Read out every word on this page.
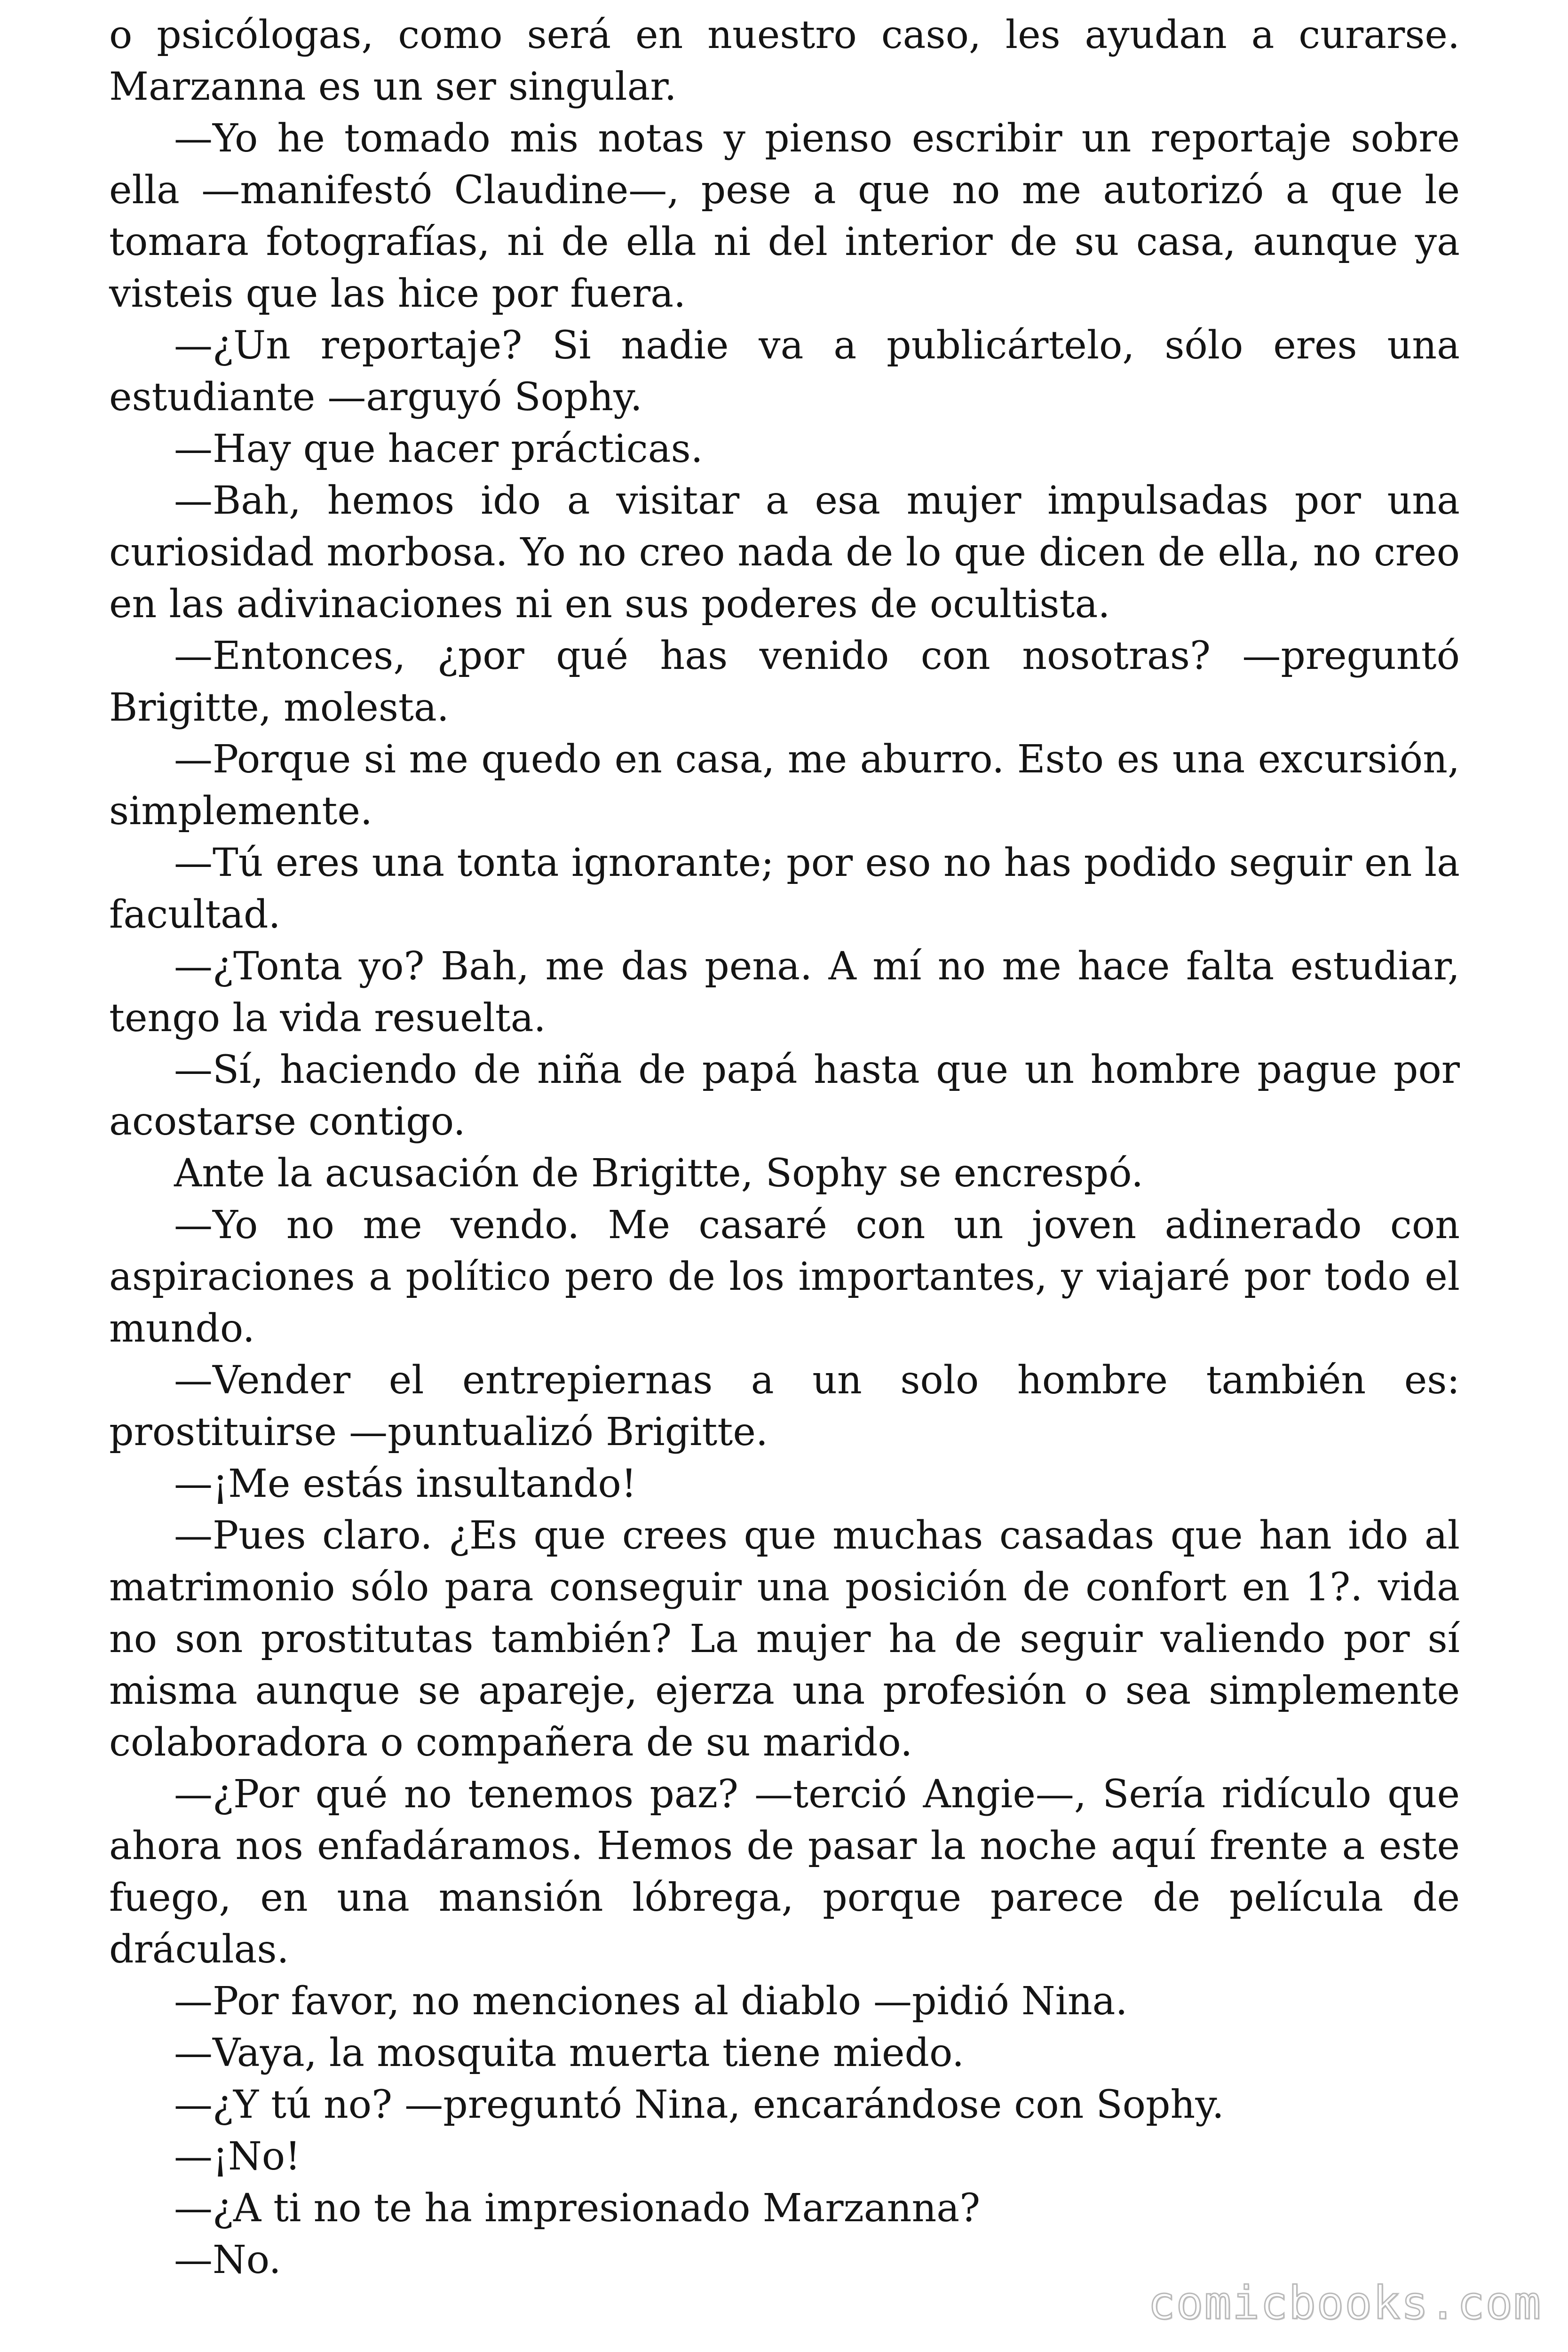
o psicólogas, como será en nuestro caso, les ayudan a curarse. Marzanna es un ser singular.

—Yo he tomado mis notas y pienso escribir un reportaje sobre ella —manifestó Claudine—, pese a que no me autorizó a que le tomara fotografías, ni de ella ni del interior de su casa, aunque ya visteis que las hice por fuera.

—¿Un reportaje? Si nadie va a publicártelo, sólo eres una estudiante —arguyó Sophy.

—Hay que hacer prácticas.

—Bah, hemos ido a visitar a esa mujer impulsadas por una curiosidad morbosa. Yo no creo nada de lo que dicen de ella, no creo en las adivinaciones ni en sus poderes de ocultista.

—Entonces, ¿por qué has venido con nosotras? —preguntó Brigitte, molesta.

—Porque si me quedo en casa, me aburro. Esto es una excursión, simplemente.

—Tú eres una tonta ignorante; por eso no has podido seguir en la facultad.

—¿Tonta yo? Bah, me das pena. A mí no me hace falta estudiar, tengo la vida resuelta.

—Sí, haciendo de niña de papá hasta que un hombre pague por acostarse contigo.

Ante la acusación de Brigitte, Sophy se encrespó.

—Yo no me vendo. Me casaré con un joven adinerado con aspiraciones a político pero de los importantes, y viajaré por todo el mundo.

—Vender el entrepiernas a un solo hombre también es: prostituirse —puntualizó Brigitte.

—¡Me estás insultando!

—Pues claro. ¿Es que crees que muchas casadas que han ido al matrimonio sólo para conseguir una posición de confort en 1?. vida no son prostitutas también? La mujer ha de seguir valiendo por sí misma aunque se apareje, ejerza una profesión o sea simplemente colaboradora o compañera de su marido.

—¿Por qué no tenemos paz? —terció Angie—, Sería ridículo que ahora nos enfadáramos. Hemos de pasar la noche aquí frente a este fuego, en una mansión lóbrega, porque parece de película de dráculas.

—Por favor, no menciones al diablo —pidió Nina.

—Vaya, la mosquita muerta tiene miedo.

—¿Y tú no? —preguntó Nina, encarándose con Sophy.

—¡No!

—¿A ti no te ha impresionado Marzanna?

—No.

comicbooks.com
